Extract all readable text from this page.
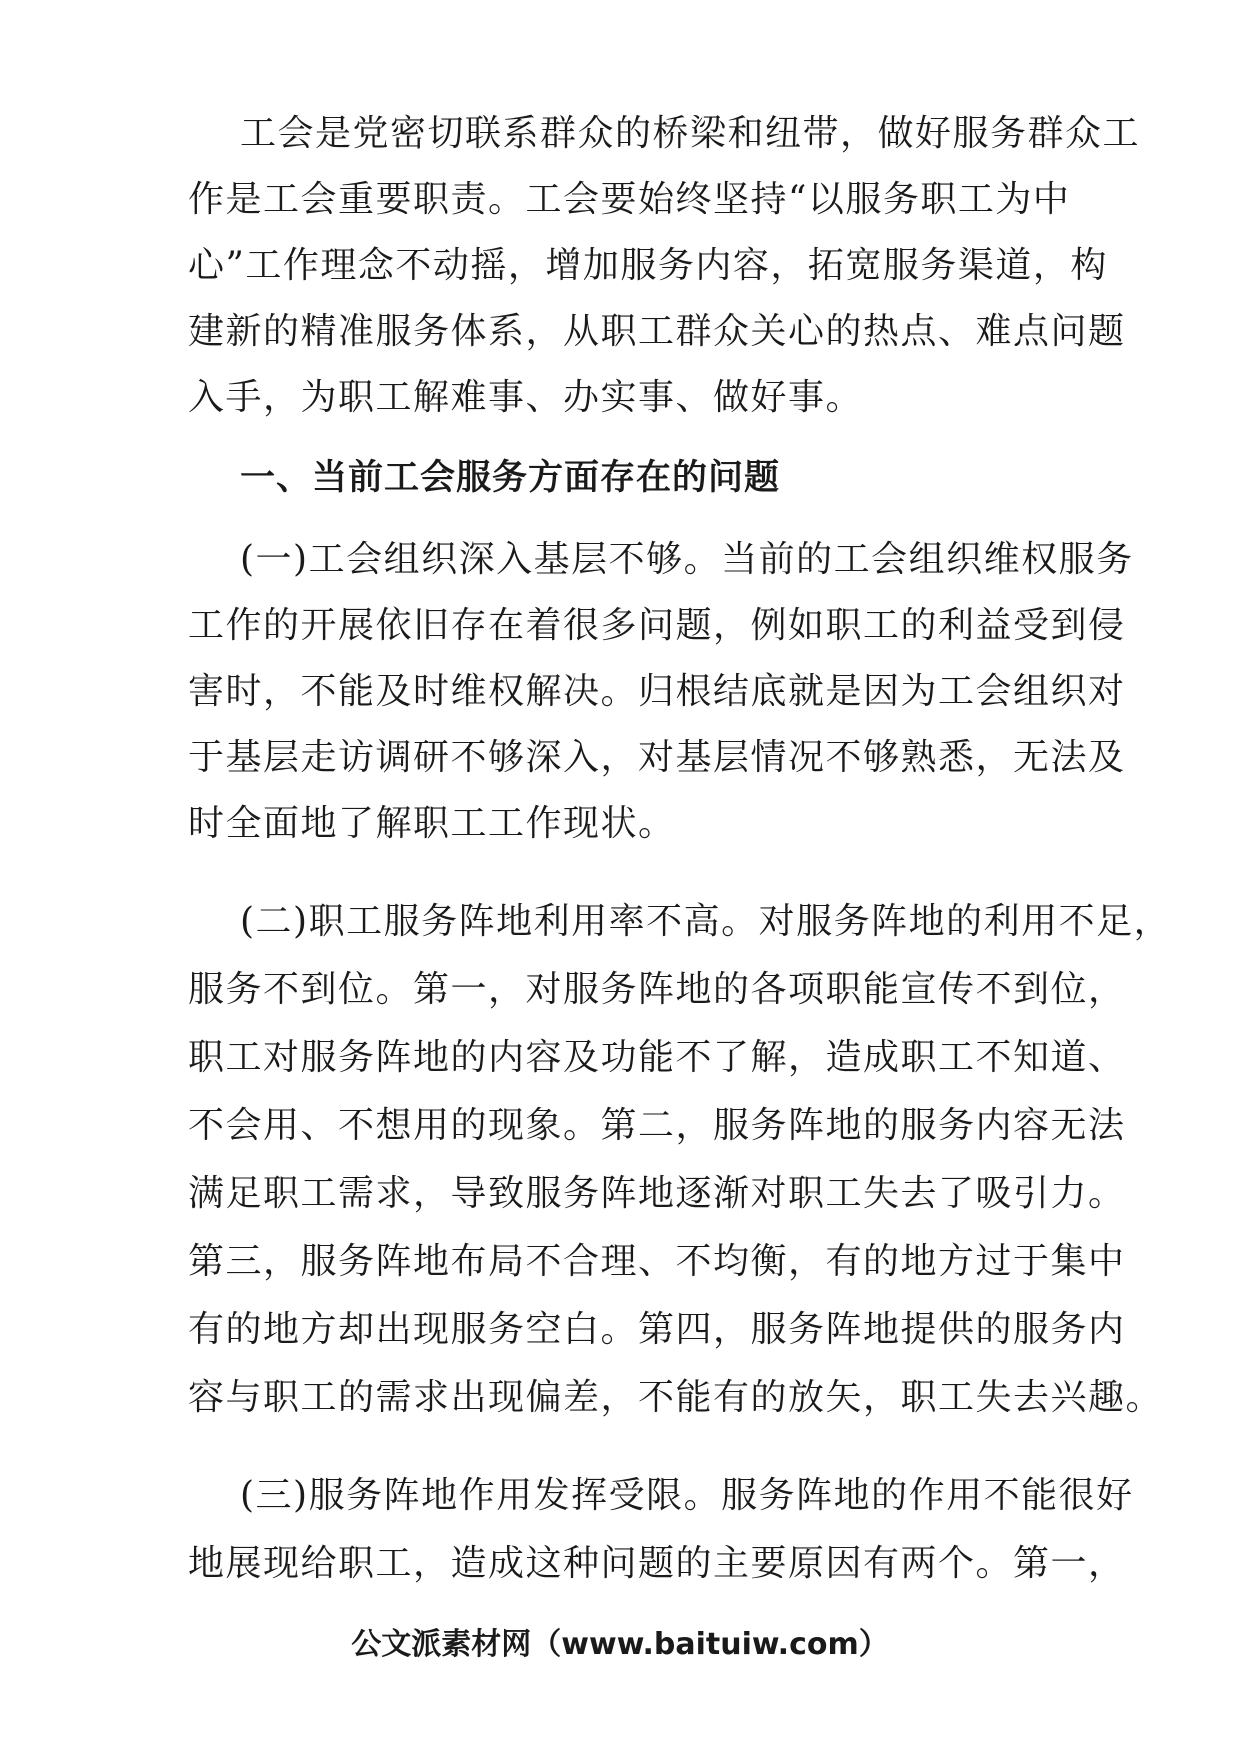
工会是党密切联系群众的桥梁和纽带，做好服务群众工
作是工会重要职责。工会要始终坚持“以服务职工为中
心”工作理念不动摇，增加服务内容，拓宽服务渠道，构
建新的精准服务体系，从职工群众关心的热点、难点问题
入手，为职工解难事、办实事、做好事。
一、当前工会服务方面存在的问题
(一)工会组织深入基层不够。当前的工会组织维权服务
工作的开展依旧存在着很多问题，例如职工的利益受到侵
害时，不能及时维权解决。归根结底就是因为工会组织对
于基层走访调研不够深入，对基层情况不够熟悉，无法及
时全面地了解职工工作现状。
(二)职工服务阵地利用率不高。对服务阵地的利用不足，
服务不到位。第一，对服务阵地的各项职能宣传不到位，
职工对服务阵地的内容及功能不了解，造成职工不知道、
不会用、不想用的现象。第二，服务阵地的服务内容无法
满足职工需求，导致服务阵地逐渐对职工失去了吸引力。
第三，服务阵地布局不合理、不均衡，有的地方过于集中
有的地方却出现服务空白。第四，服务阵地提供的服务内
容与职工的需求出现偏差，不能有的放矢，职工失去兴趣。
(三)服务阵地作用发挥受限。服务阵地的作用不能很好
地展现给职工，造成这种问题的主要原因有两个。第一，
公文派素材网（www.baituiw.com）
